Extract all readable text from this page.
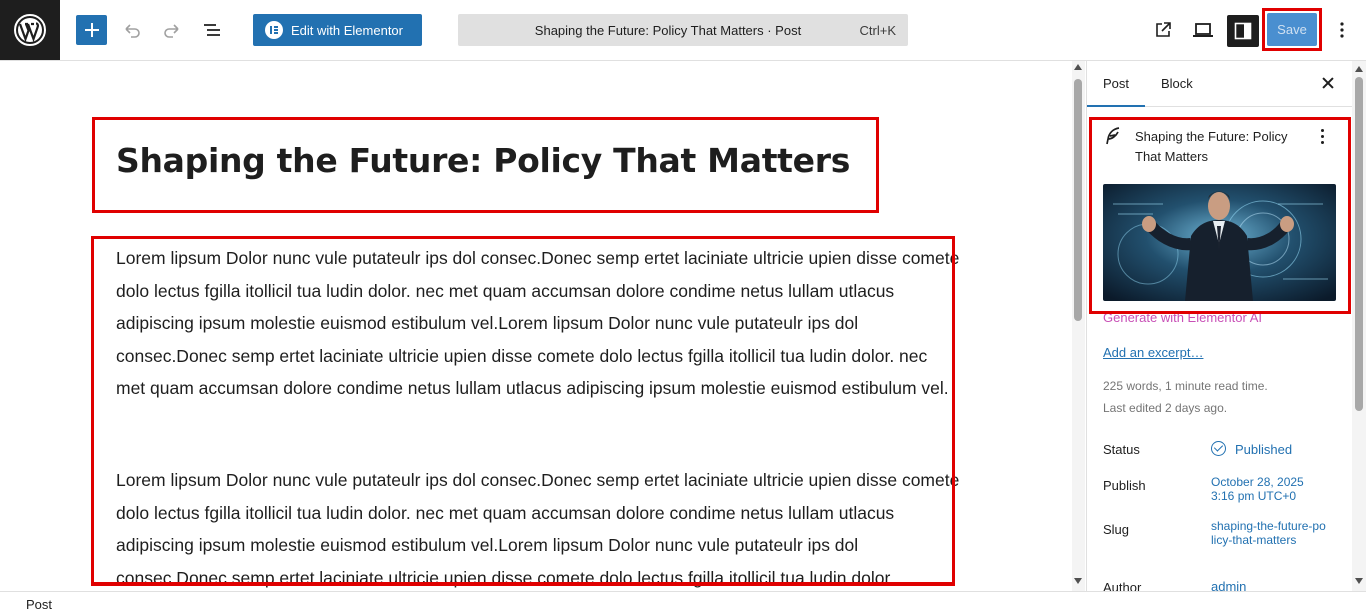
Edit with Elementor	Shaping the Future: Policy That Matters · Post	Ctrl+K	Save
Shaping the Future: Policy That Matters

Lorem lipsum Dolor nunc vule putateulr ips dol consec.Donec semp ertet laciniate ultricie upien disse comete dolo lectus fgilla itollicil tua ludin dolor. nec met quam accumsan dolore condime netus lullam utlacus adipiscing ipsum molestie euismod estibulum vel.Lorem lipsum Dolor nunc vule putateulr ips dol consec.Donec semp ertet laciniate ultricie upien disse comete dolo lectus fgilla itollicil tua ludin dolor. nec met quam accumsan dolore condime netus lullam utlacus adipiscing ipsum molestie euismod estibulum vel.

Lorem lipsum Dolor nunc vule putateulr ips dol consec.Donec semp ertet laciniate ultricie upien disse comete dolo lectus fgilla itollicil tua ludin dolor. nec met quam accumsan dolore condime netus lullam utlacus adipiscing ipsum molestie euismod estibulum vel.Lorem lipsum Dolor nunc vule putateulr ips dol consec.Donec semp ertet laciniate ultricie upien disse comete dolo lectus fgilla itollicil tua ludin dolor.

Post Block
Shaping the Future: Policy That Matters
Generate with Elementor AI
Add an excerpt…
225 words, 1 minute read time.
Last edited 2 days ago.
Status	Published
Publish	October 28, 2025 3:16 pm UTC+0
Slug	shaping-the-future-policy-that-matters
Author	admin
Post
